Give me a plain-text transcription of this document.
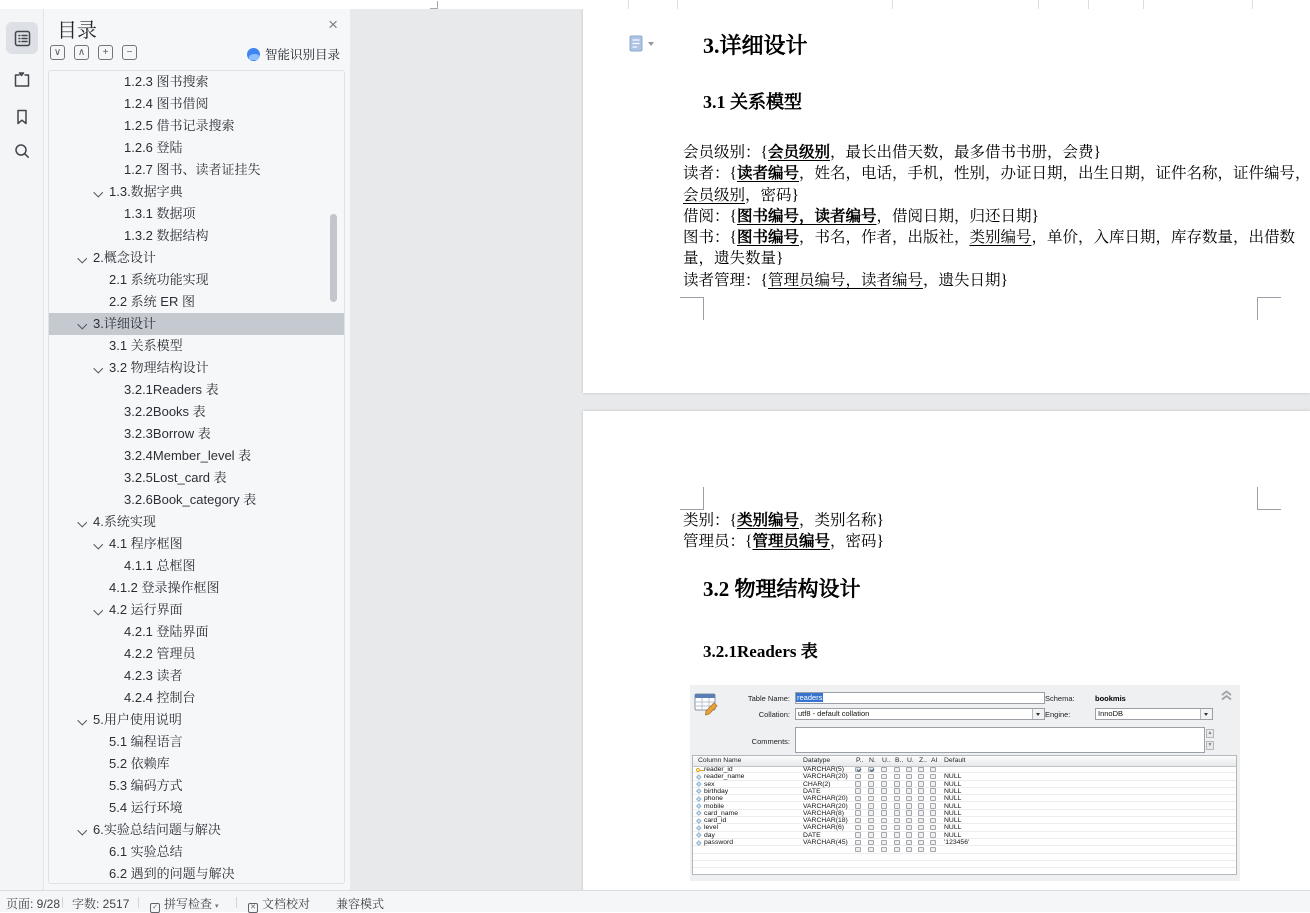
目录	×
∨	∧	+	−	智能识别目录
1.2.3 图书搜索
1.2.4 图书借阅
1.2.5 借书记录搜索
1.2.6 登陆
1.2.7 图书、读者证挂失
1.3.数据字典
1.3.1 数据项
1.3.2 数据结构
2.概念设计
2.1 系统功能实现
2.2 系统 ER 图
3.详细设计
3.1 关系模型
3.2 物理结构设计
3.2.1Readers 表
3.2.2Books 表
3.2.3Borrow 表
3.2.4Member_level 表
3.2.5Lost_card 表
3.2.6Book_category 表
4.系统实现
4.1 程序框图
4.1.1 总框图
4.1.2 登录操作框图
4.2 运行界面
4.2.1 登陆界面
4.2.2 管理员
4.2.3 读者
4.2.4 控制台
5.用户使用说明
5.1 编程语言
5.2 依赖库
5.3 编码方式
5.4 运行环境
6.实验总结问题与解决
6.1 实验总结
6.2 遇到的问题与解决
3.详细设计
3.1 关系模型
会员级别：{会员级别，最长出借天数，最多借书书册，会费}
读者：{读者编号，姓名，电话，手机，性别，办证日期，出生日期，证件名称，证件编号，
会员级别，密码}
借阅：{图书编号，读者编号，借阅日期，归还日期}
图书：{图书编号，书名，作者，出版社，类别编号，单价，入库日期，库存数量，出借数
量，遗失数量}
读者管理：{管理员编号，读者编号，遗失日期}
类别：{类别编号，类别名称}
管理员：{管理员编号，密码}
3.2 物理结构设计
3.2.1Readers 表
Table Name: readers	Schema:	bookmis
Collation:	utf8 - default collation	Engine:	InnoDB
Comments:
▲
▼
Column Name	Datatype	P.. N. U.. B.. U. Z.. AI Default
reader_id	VARCHAR(5)
reader_name	VARCHAR(20)	NULL
sex	CHAR(2)	NULL
birthday	DATE	NULL
phone	VARCHAR(20)	NULL
mobile	VARCHAR(20)	NULL
card_name	VARCHAR(8)	NULL
card_id	VARCHAR(18)	NULL
level	VARCHAR(6)	NULL
day	DATE	NULL
password	VARCHAR(45)	'123456'
页面: 9/28 字数: 2517	✓ 拼写检查 ▾	✕ 文档校对 兼容模式
